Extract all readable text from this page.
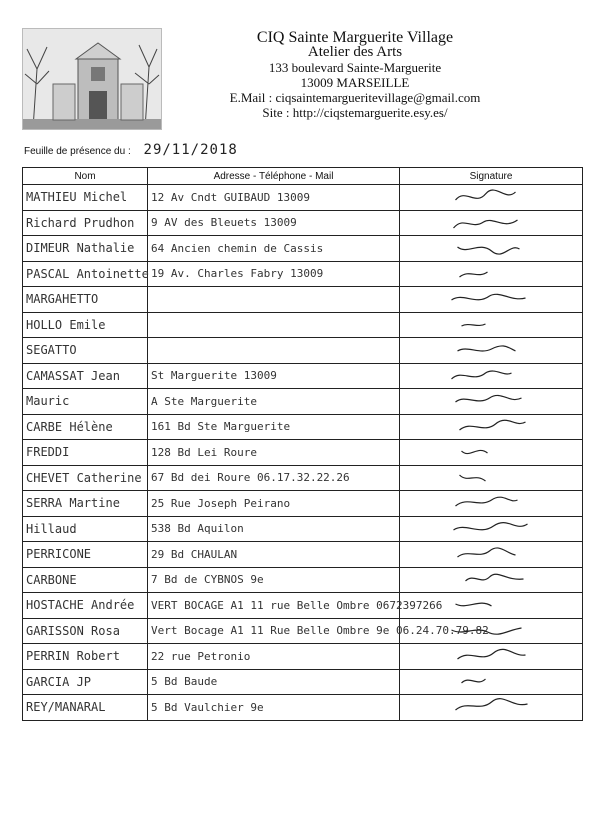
CIQ Sainte Marguerite Village
Atelier des Arts
133 boulevard Sainte-Marguerite
13009 MARSEILLE
E.Mail : ciqsaintemargueritevillage@gmail.com
Site : http://ciqstemarguerite.esy.es/
Feuille de présence du : 29/11/2018
Nom	Adresse - Téléphone - Mail	Signature
MATHIEU Michel	12 Av Cndt GUIBAUD 13009	

Richard Prudhon	9 AV des Bleuets 13009	

DIMEUR Nathalie	64 Ancien chemin de Cassis	

PASCAL Antoinette	19 Av. Charles Fabry 13009	

MARGAHETTO		

HOLLO Emile		

SEGATTO		

CAMASSAT Jean	St Marguerite 13009	

Mauric	A Ste Marguerite	

CARBE Hélène	161 Bd Ste Marguerite	

FREDDI	128 Bd Lei Roure	

CHEVET Catherine	67 Bd dei Roure 06.17.32.22.26	

SERRA Martine	25 Rue Joseph Peirano	

Hillaud	538 Bd Aquilon	

PERRICONE	29 Bd CHAULAN	

CARBONE	7 Bd de CYBNOS 9e	

HOSTACHE Andrée	VERT BOCAGE A1 11 rue Belle Ombre 0672397266	

GARISSON Rosa	Vert Bocage A1 11 Rue Belle Ombre 9e 06.24.70.79.82	

PERRIN Robert	22 rue Petronio	

GARCIA JP	5 Bd Baude	

REY/MANARAL	5 Bd Vaulchier 9e	
